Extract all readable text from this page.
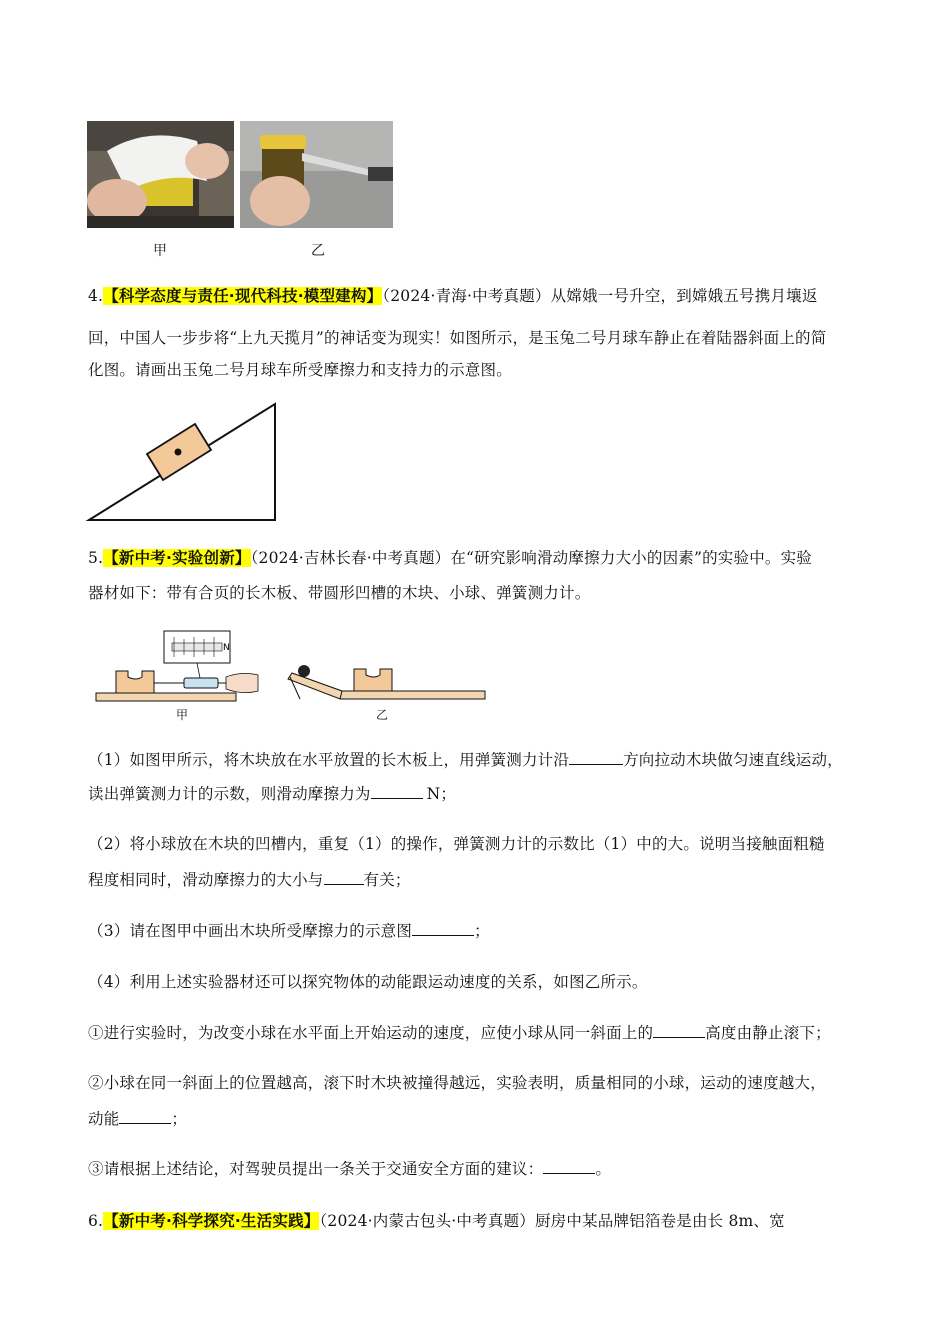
甲	乙
4.【科学态度与责任·现代科技·模型建构】（2024·青海·中考真题）从嫦娥一号升空，到嫦娥五号携月壤返
回，中国人一步步将“上九天揽月”的神话变为现实！如图所示，是玉兔二号月球车静止在着陆器斜面上的简
化图。请画出玉兔二号月球车所受摩擦力和支持力的示意图。
5.【新中考·实验创新】（2024·吉林长春·中考真题）在“研究影响滑动摩擦力大小的因素”的实验中。实验
器材如下：带有合页的长木板、带圆形凹槽的木块、小球、弹簧测力计。
N
甲	乙
（1）如图甲所示，将木块放在水平放置的长木板上，用弹簧测力计沿	方向拉动木块做匀速直线运动，
读出弹簧测力计的示数，则滑动摩擦力为	N；
（2）将小球放在木块的凹槽内，重复（1）的操作，弹簧测力计的示数比（1）中的大。说明当接触面粗糙
程度相同时，滑动摩擦力的大小与	有关；
（3）请在图甲中画出木块所受摩擦力的示意图	；
（4）利用上述实验器材还可以探究物体的动能跟运动速度的关系，如图乙所示。
①进行实验时，为改变小球在水平面上开始运动的速度，应使小球从同一斜面上的	高度由静止滚下；
②小球在同一斜面上的位置越高，滚下时木块被撞得越远，实验表明，质量相同的小球，运动的速度越大，
动能	；
③请根据上述结论，对驾驶员提出一条关于交通安全方面的建议：	。
6.【新中考·科学探究·生活实践】（2024·内蒙古包头·中考真题）厨房中某品牌铝箔卷是由长 8m、宽
